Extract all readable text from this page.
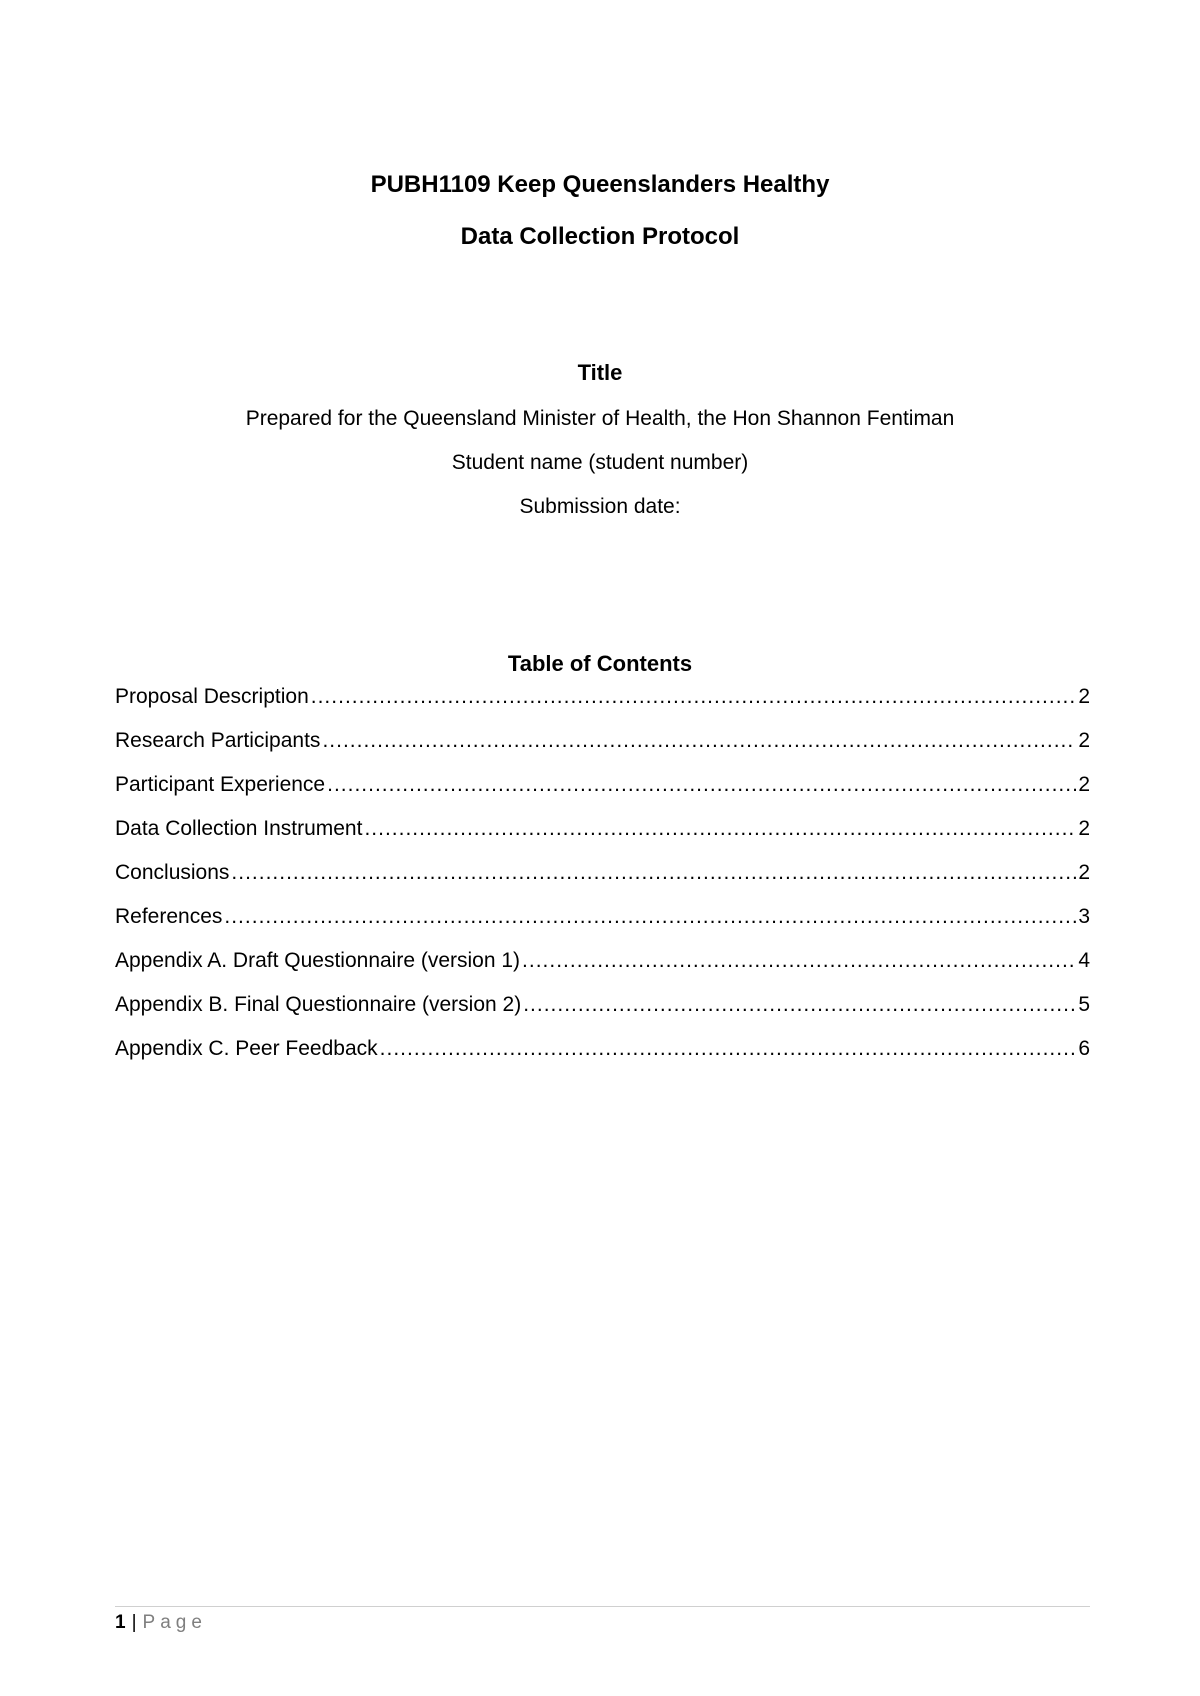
PUBH1109 Keep Queenslanders Healthy
Data Collection Protocol
Title

Prepared for the Queensland Minister of Health, the Hon Shannon Fentiman

Student name (student number)

Submission date:

Table of Contents
Proposal Description .....	2
Research Participants .....	2
Participant Experience .....	2
Data Collection Instrument .....	2
Conclusions .....	2
References .....	3
Appendix A. Draft Questionnaire (version 1) .....	4
Appendix B. Final Questionnaire (version 2) .....	5
Appendix C. Peer Feedback .....	6
1 | Page
